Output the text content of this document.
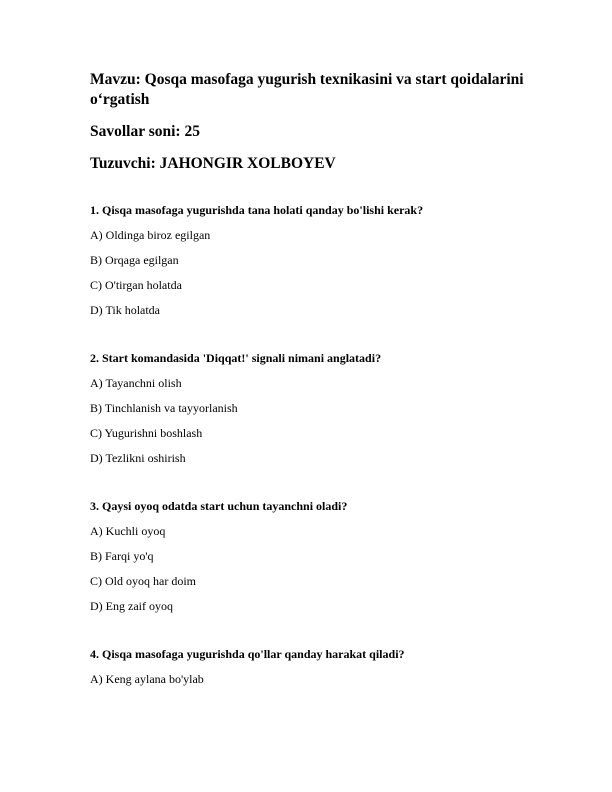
Mavzu: Qosqa masofaga yugurish texnikasini va start qoidalarini o‘rgatish

Savollar soni: 25

Tuzuvchi: JAHONGIR XOLBOYEV

1. Qisqa masofaga yugurishda tana holati qanday bo'lishi kerak?

A) Oldinga biroz egilgan

B) Orqaga egilgan

C) O'tirgan holatda

D) Tik holatda

2. Start komandasida 'Diqqat!' signali nimani anglatadi?

A) Tayanchni olish

B) Tinchlanish va tayyorlanish

C) Yugurishni boshlash

D) Tezlikni oshirish

3. Qaysi oyoq odatda start uchun tayanchni oladi?

A) Kuchli oyoq

B) Farqi yo'q

C) Old oyoq har doim

D) Eng zaif oyoq

4. Qisqa masofaga yugurishda qo'llar qanday harakat qiladi?

A) Keng aylana bo'ylab
